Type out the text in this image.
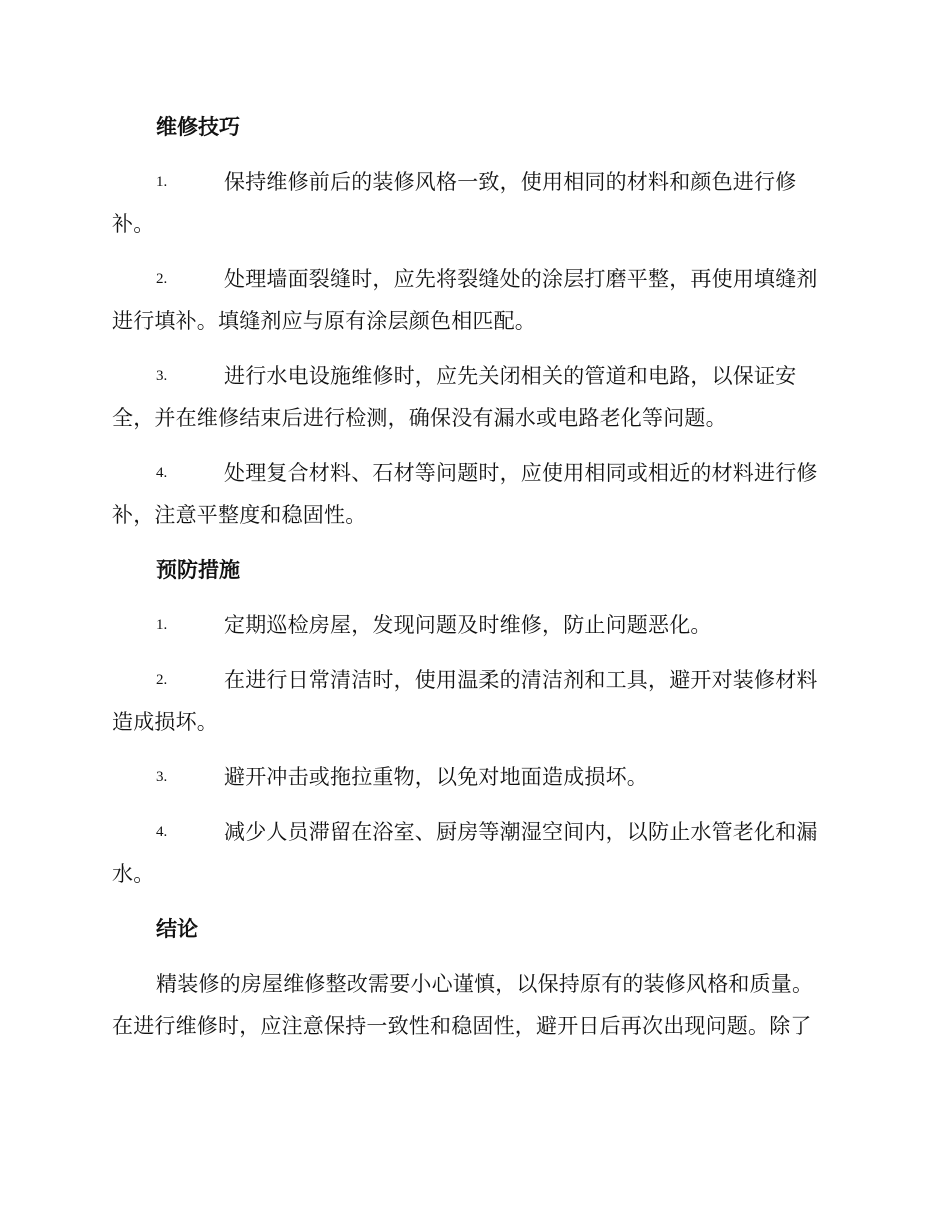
维修技巧
1.	保持维修前后的装修风格一致，使用相同的材料和颜色进行修
补。
2.	处理墙面裂缝时，应先将裂缝处的涂层打磨平整，再使用填缝剂
进行填补。填缝剂应与原有涂层颜色相匹配。
3.	进行水电设施维修时，应先关闭相关的管道和电路，以保证安
全，并在维修结束后进行检测，确保没有漏水或电路老化等问题。
4.	处理复合材料、石材等问题时，应使用相同或相近的材料进行修
补，注意平整度和稳固性。
预防措施
1.	定期巡检房屋，发现问题及时维修，防止问题恶化。
2.	在进行日常清洁时，使用温柔的清洁剂和工具，避开对装修材料
造成损坏。
3.	避开冲击或拖拉重物，以免对地面造成损坏。
4.	减少人员滞留在浴室、厨房等潮湿空间内，以防止水管老化和漏
水。
结论
精装修的房屋维修整改需要小心谨慎，以保持原有的装修风格和质量。
在进行维修时，应注意保持一致性和稳固性，避开日后再次出现问题。除了
